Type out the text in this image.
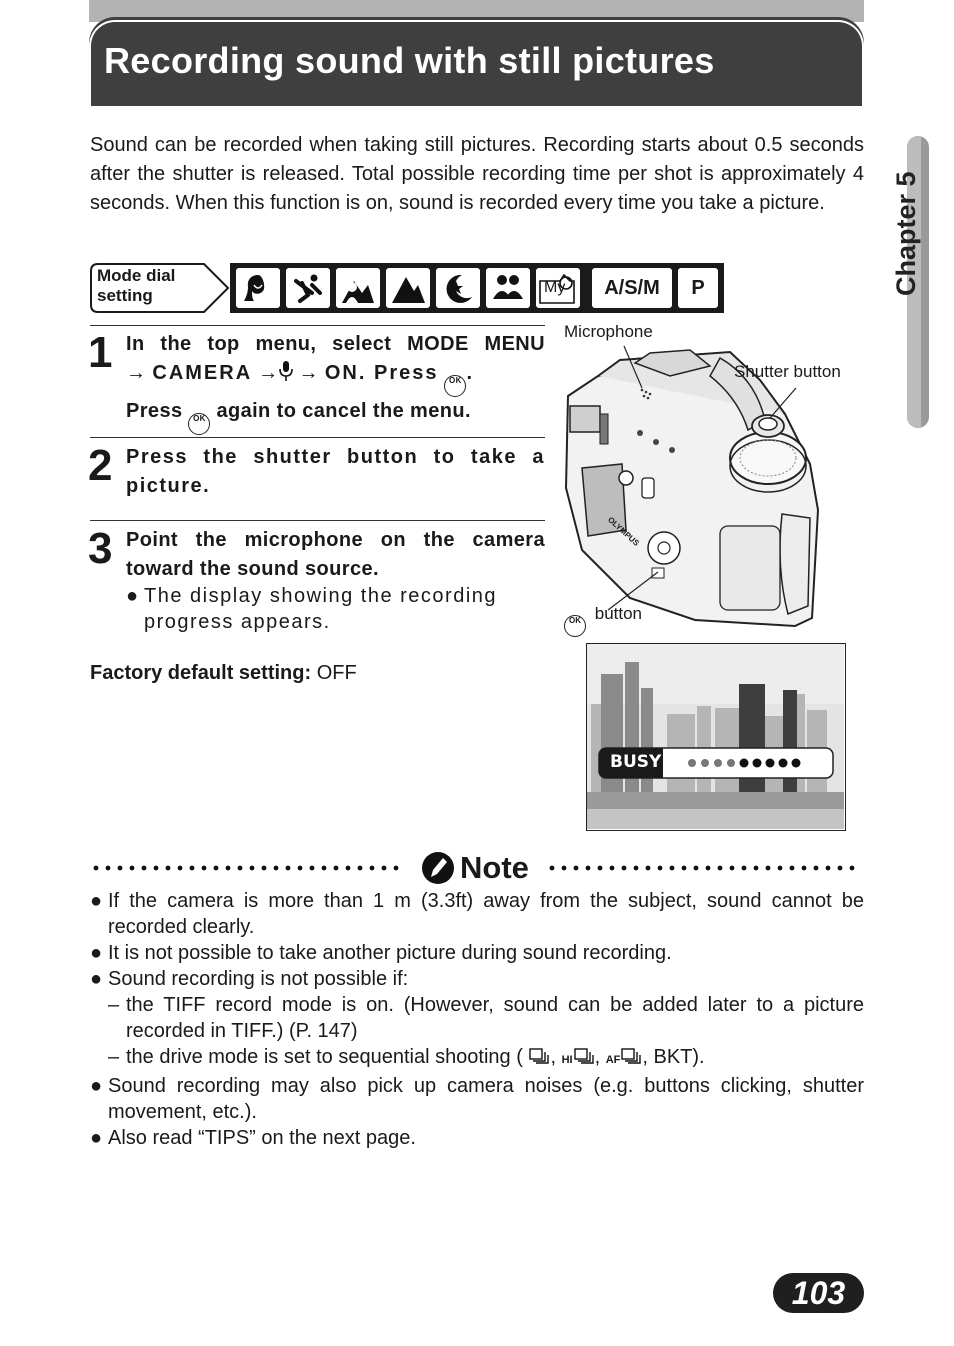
Recording sound with still pictures
Chapter 5
Sound can be recorded when taking still pictures. Recording starts about 0.5 seconds after the shutter is released. Total possible recording time per shot is approximately 4 seconds. When this function is on, sound is recorded every time you take a picture.
Mode dial
setting	My A/S/M P
1 In the top menu, select MODE MENU
→ CAMERA → → ON. Press OK .
Press OK again to cancel the menu.
2 Press the shutter button to take a picture.
3 Point the microphone on the camera toward the sound source.
● The display showing the recording progress appears.
Factory default setting: OFF
OLYMPUS
Microphone
Shutter button
OK button
BUSY
Note
● If the camera is more than 1 m (3.3ft) away from the subject, sound cannot be recorded clearly.
● It is not possible to take another picture during sound recording.
● Sound recording is not possible if:
– the TIFF record mode is on. (However, sound can be added later to a picture recorded in TIFF.) (P. 147)
– the drive mode is set to sequential shooting ( , HI , AF , BKT).
● Sound recording may also pick up camera noises (e.g. buttons clicking, shutter movement, etc.).
● Also read “TIPS” on the next page.
103
